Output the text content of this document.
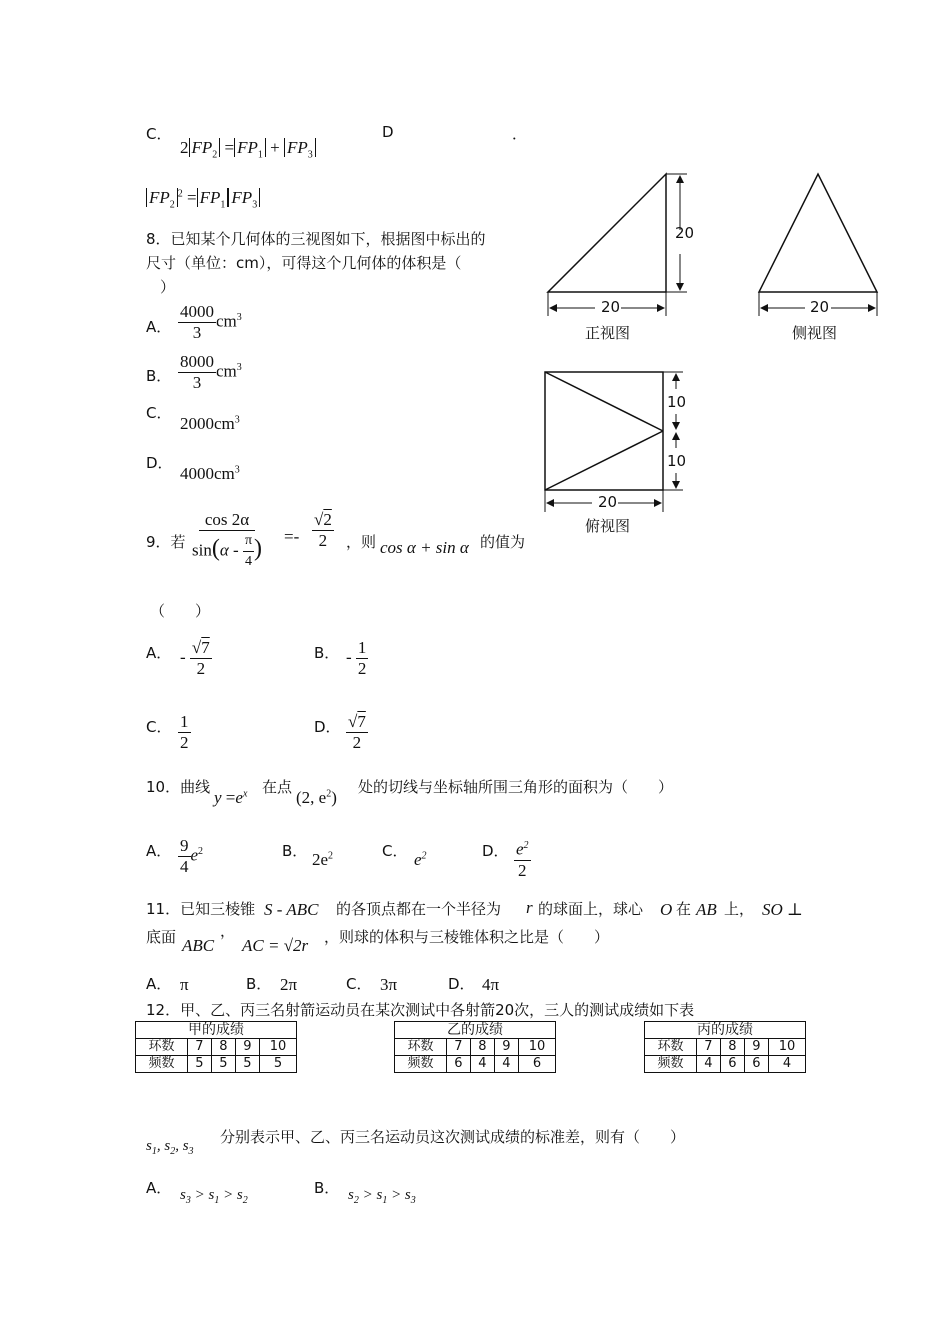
C．
2 $FP_2 = FP_1 + FP_3$
D	．
$FP_2^2 = FP_1$ $FP_3$
8．已知某个几何体的三视图如下，根据图中标出的
尺寸（单位：cm），可得这个几何体的体积是（
）
A． $\frac{4000}{3} cm^3$
B． $\frac{8000}{3} cm^3$
C．
$2000cm^3$
D．
$4000cm^3$
20
20
正视图
20
侧视图
10
10
20
俯视图
9．若 $\frac{\cos 2\alpha}{\sin(\alpha - \frac{\pi}{4} )} =- \frac{√2}{2}$ ，则 cos α + sin α 的值为
（　　）
A． - $\frac{√7}{2}$	B． - $\frac{1}{2}$
C． $\frac{1}{2}$	D． $\frac{√7}{2}$
10．曲线
$y =e^x$ 在点
(2, $e^2$)
处的切线与坐标轴所围三角形的面积为（　　）
A． $\frac{9}{4} e^2$	B． $2e^2$	C． $e^2$	D． $\frac{e^2}{2}$
11．已知三棱锥 S - ABC 的各顶点都在一个半径为 r 的球面上，球心 O 在 AB 上， SO ⊥
底面 ABC
，
AC = √2r ，则球的体积与三棱锥体积之比是（　　）
A． π	B． 2π	C． 3π	D． 4π
12．甲、乙、丙三名射箭运动员在某次测试中各射箭20次，三人的测试成绩如下表
甲的成绩				
环数	7	8	9	10
频数	5	5	5	5
乙的成绩				
环数	7	8	9	10
频数	6	4	4	6
丙的成绩				
环数	7	8	9	10
频数	4	6	6	4
$s_1$, $s_2$, $s_3$
分别表示甲、乙、丙三名运动员这次测试成绩的标准差，则有（　　）
A． $s_3 > s_1 > s_2$
B． $s_2 > s_1 > s_3$
